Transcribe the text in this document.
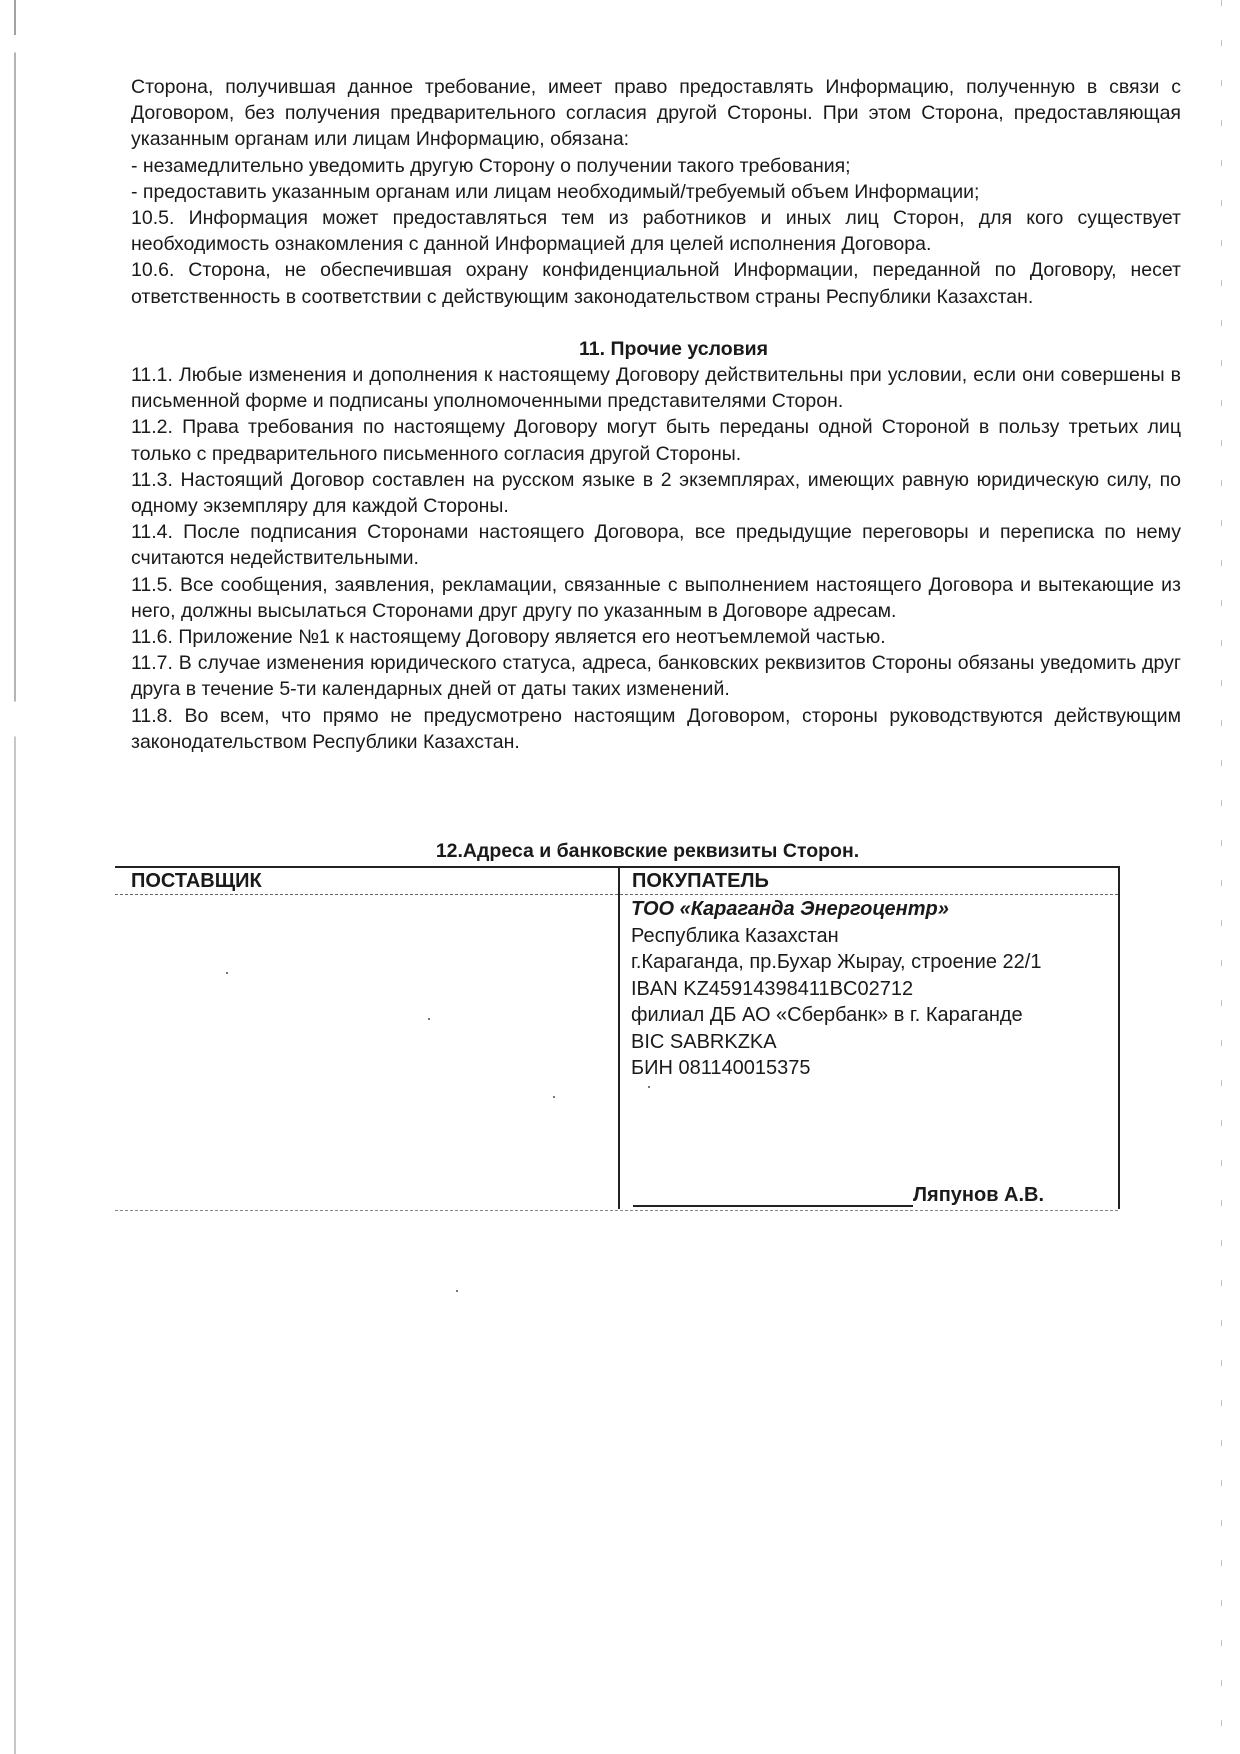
Сторона, получившая данное требование, имеет право предоставлять Информацию, полученную в связи с Договором, без получения предварительного согласия другой Стороны. При этом Сторона, предоставляющая указанным органам или лицам Информацию, обязана:

- незамедлительно уведомить другую Сторону о получении такого требования;

- предоставить указанным органам или лицам необходимый/требуемый объем Информации;

10.5. Информация может предоставляться тем из работников и иных лиц Сторон, для кого существует необходимость ознакомления с данной Информацией для целей исполнения Договора.

10.6. Сторона, не обеспечившая охрану конфиденциальной Информации, переданной по Договору, несет ответственность в соответствии с действующим законодательством страны Республики Казахстан.

11. Прочие условия

11.1. Любые изменения и дополнения к настоящему Договору действительны при условии, если они совершены в письменной форме и подписаны уполномоченными представителями Сторон.

11.2. Права требования по настоящему Договору могут быть переданы одной Стороной в пользу третьих лиц только с предварительного письменного согласия другой Стороны.

11.3. Настоящий Договор составлен на русском языке в 2 экземплярах, имеющих равную юридическую силу, по одному экземпляру для каждой Стороны.

11.4. После подписания Сторонами настоящего Договора, все предыдущие переговоры и переписка по нему считаются недействительными.

11.5. Все сообщения, заявления, рекламации, связанные с выполнением настоящего Договора и вытекающие из него, должны высылаться Сторонами друг другу по указанным в Договоре адресам.

11.6. Приложение №1 к настоящему Договору является его неотъемлемой частью.

11.7. В случае изменения юридического статуса, адреса, банковских реквизитов Стороны обязаны уведомить друг друга в течение 5-ти календарных дней от даты таких изменений.

11.8. Во всем, что прямо не предусмотрено настоящим Договором, стороны руководствуются действующим законодательством Республики Казахстан.

12.Адреса и банковские реквизиты Сторон.
ПОСТАВЩИК	ПОКУПАТЕЛЬ
ТОО «Караганда Энергоцентр»
Республика Казахстан
г.Караганда, пр.Бухар Жырау, строение 22/1
IBAN KZ45914398411BC02712
филиал ДБ АО «Сбербанк» в г. Караганде
BIC SABRKZKA
БИН 081140015375
Ляпунов А.В.
